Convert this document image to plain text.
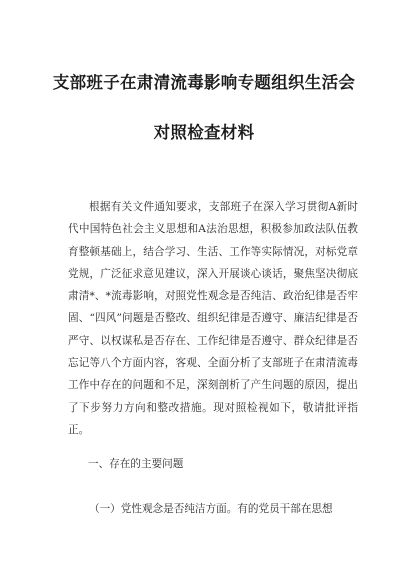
支部班子在肃清流毒影响专题组织生活会
对照检查材料

根据有关文件通知要求，支部班子在深入学习贯彻A新时代中国特色社会主义思想和A法治思想，积极参加政法队伍教育整顿基础上，结合学习、生活、工作等实际情况，对标党章党规，广泛征求意见建议，深入开展谈心谈话，聚焦坚决彻底肃清*、*流毒影响，对照党性观念是否纯洁、政治纪律是否牢固、“四风”问题是否整改、组织纪律是否遵守、廉洁纪律是否严守、以权谋私是否存在、工作纪律是否遵守、群众纪律是否忘记等八个方面内容，客观、全面分析了支部班子在肃清流毒工作中存在的问题和不足，深刻剖析了产生问题的原因，提出了下步努力方向和整改措施。现对照检视如下，敬请批评指正。

一、存在的主要问题

（一）党性观念是否纯洁方面。有的党员干部在思想
